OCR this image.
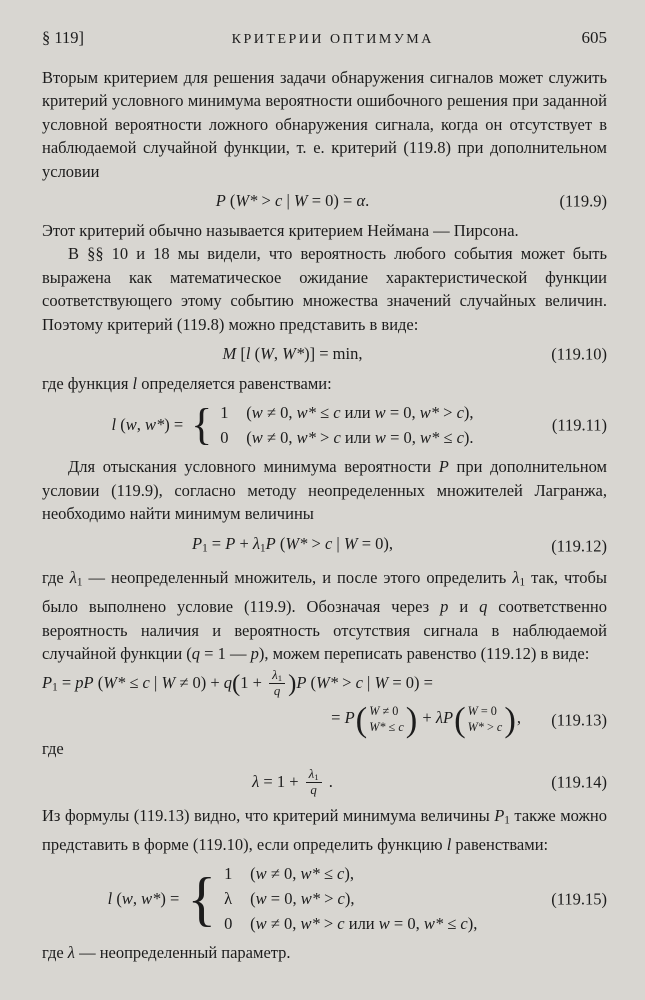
§ 119]	КРИТЕРИИ ОПТИМУМА	605

Вторым критерием для решения задачи обнаружения сигналов может служить критерий условного минимума вероятности ошибочного решения при заданной условной вероятности ложного обнаружения сигнала, когда он отсутствует в наблюдаемой случайной функции, т. е. критерий (119.8) при дополнительном условии

P (W* > c | W = 0) = α.	(119.9)

Этот критерий обычно называется критерием Неймана — Пирсона.

В §§ 10 и 18 мы видели, что вероятность любого события может быть выражена как математическое ожидание характеристической функции соответствующего этому событию множества значений случайных величин. Поэтому критерий (119.8) можно представить в виде:

M [l (W, W*)] = min,	(119.10)

где функция l определяется равенствами:

l (w, w*) = { 1 (w ≠ 0, w* ≤ c или w = 0, w* > c),
0 (w ≠ 0, w* > c или w = 0, w* ≤ c).
(119.11)

Для отыскания условного минимума вероятности P при дополнительном условии (119.9), согласно методу неопределенных множителей Лагранжа, необходимо найти минимум величины

P1 = P + λ1P (W* > c | W = 0),	(119.12)

где λ1 — неопределенный множитель, и после этого определить λ1 так, чтобы было выполнено условие (119.9). Обозначая через p и q соответственно вероятность наличия и вероятность отсутствия сигнала в наблюдаемой случайной функции (q = 1 — p), можем переписать равенство (119.12) в виде:

P1 = pP (W* ≤ c | $W \ne 0) + q(1 + \frac{\lambda 1}{q} )P$ (W* > c | W = 0) =
= P ( W ≠ 0
W* ≤ c ) + λP ( W = 0
W* > c ) , (119.13)

где

$\lambda = 1 + \frac{\lambda 1}{q}$ .	(119.14)

Из формулы (119.13) видно, что критерий минимума величины P1 также можно представить в форме (119.10), если определить функцию l равенствами:

l (w, w*) = { 1 (w ≠ 0, w* ≤ c),
λ (w = 0, w* > c),
0 (w ≠ 0, w* > c или w = 0, w* ≤ c),
(119.15)

где λ — неопределенный параметр.
